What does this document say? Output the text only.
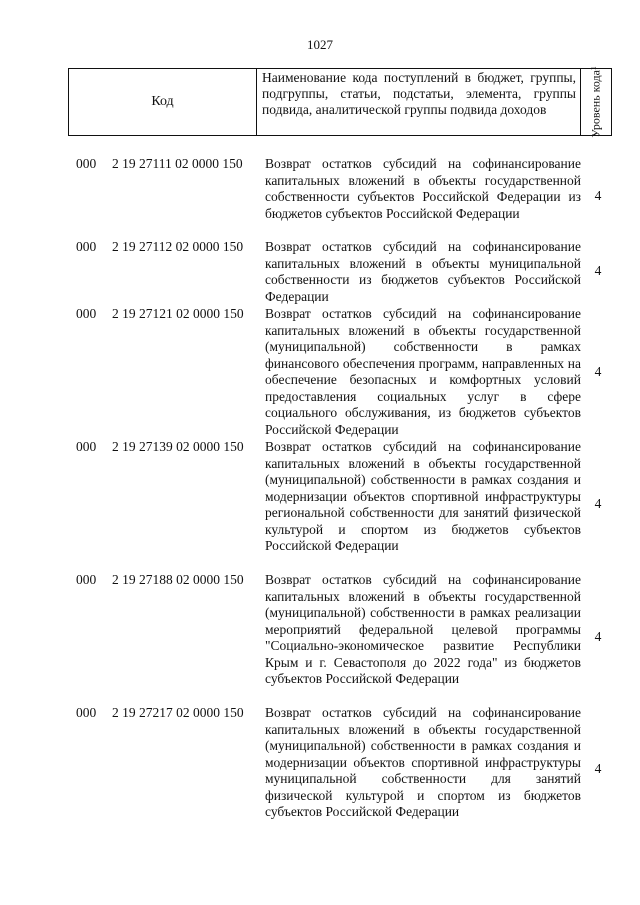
1027
Код
Наименование кода поступлений в бюджет, группы, подгруппы, статьи, подстатьи, элемента, группы подвида, аналитической группы подвида доходов	Уровень кода¹
000 2 19 27111 02 0000 150 Возврат остатков субсидий на софинансирование капитальных вложений в объекты государственной собственности субъектов Российской Федерации из бюджетов субъектов Российской Федерации
4
000 2 19 27112 02 0000 150 Возврат остатков субсидий на софинансирование капитальных вложений в объекты муниципальной собственности из бюджетов субъектов Российской Федерации
4
000 2 19 27121 02 0000 150 Возврат остатков субсидий на софинансирование капитальных вложений в объекты государственной (муниципальной) собственности в рамках финансового обеспечения программ, направленных на обеспечение безопасных и комфортных условий предоставления социальных услуг в сфере социального обслуживания, из бюджетов субъектов Российской Федерации
4
000 2 19 27139 02 0000 150 Возврат остатков субсидий на софинансирование капитальных вложений в объекты государственной (муниципальной) собственности в рамках создания и модернизации объектов спортивной инфраструктуры региональной собственности для занятий физической культурой и спортом из бюджетов субъектов Российской Федерации
4
000 2 19 27188 02 0000 150 Возврат остатков субсидий на софинансирование капитальных вложений в объекты государственной (муниципальной) собственности в рамках реализации мероприятий федеральной целевой программы "Социально-экономическое развитие Республики Крым и г. Севастополя до 2022 года" из бюджетов субъектов Российской Федерации
4
000 2 19 27217 02 0000 150 Возврат остатков субсидий на софинансирование капитальных вложений в объекты государственной (муниципальной) собственности в рамках создания и модернизации объектов спортивной инфраструктуры муниципальной собственности для занятий физической культурой и спортом из бюджетов субъектов Российской Федерации
4
